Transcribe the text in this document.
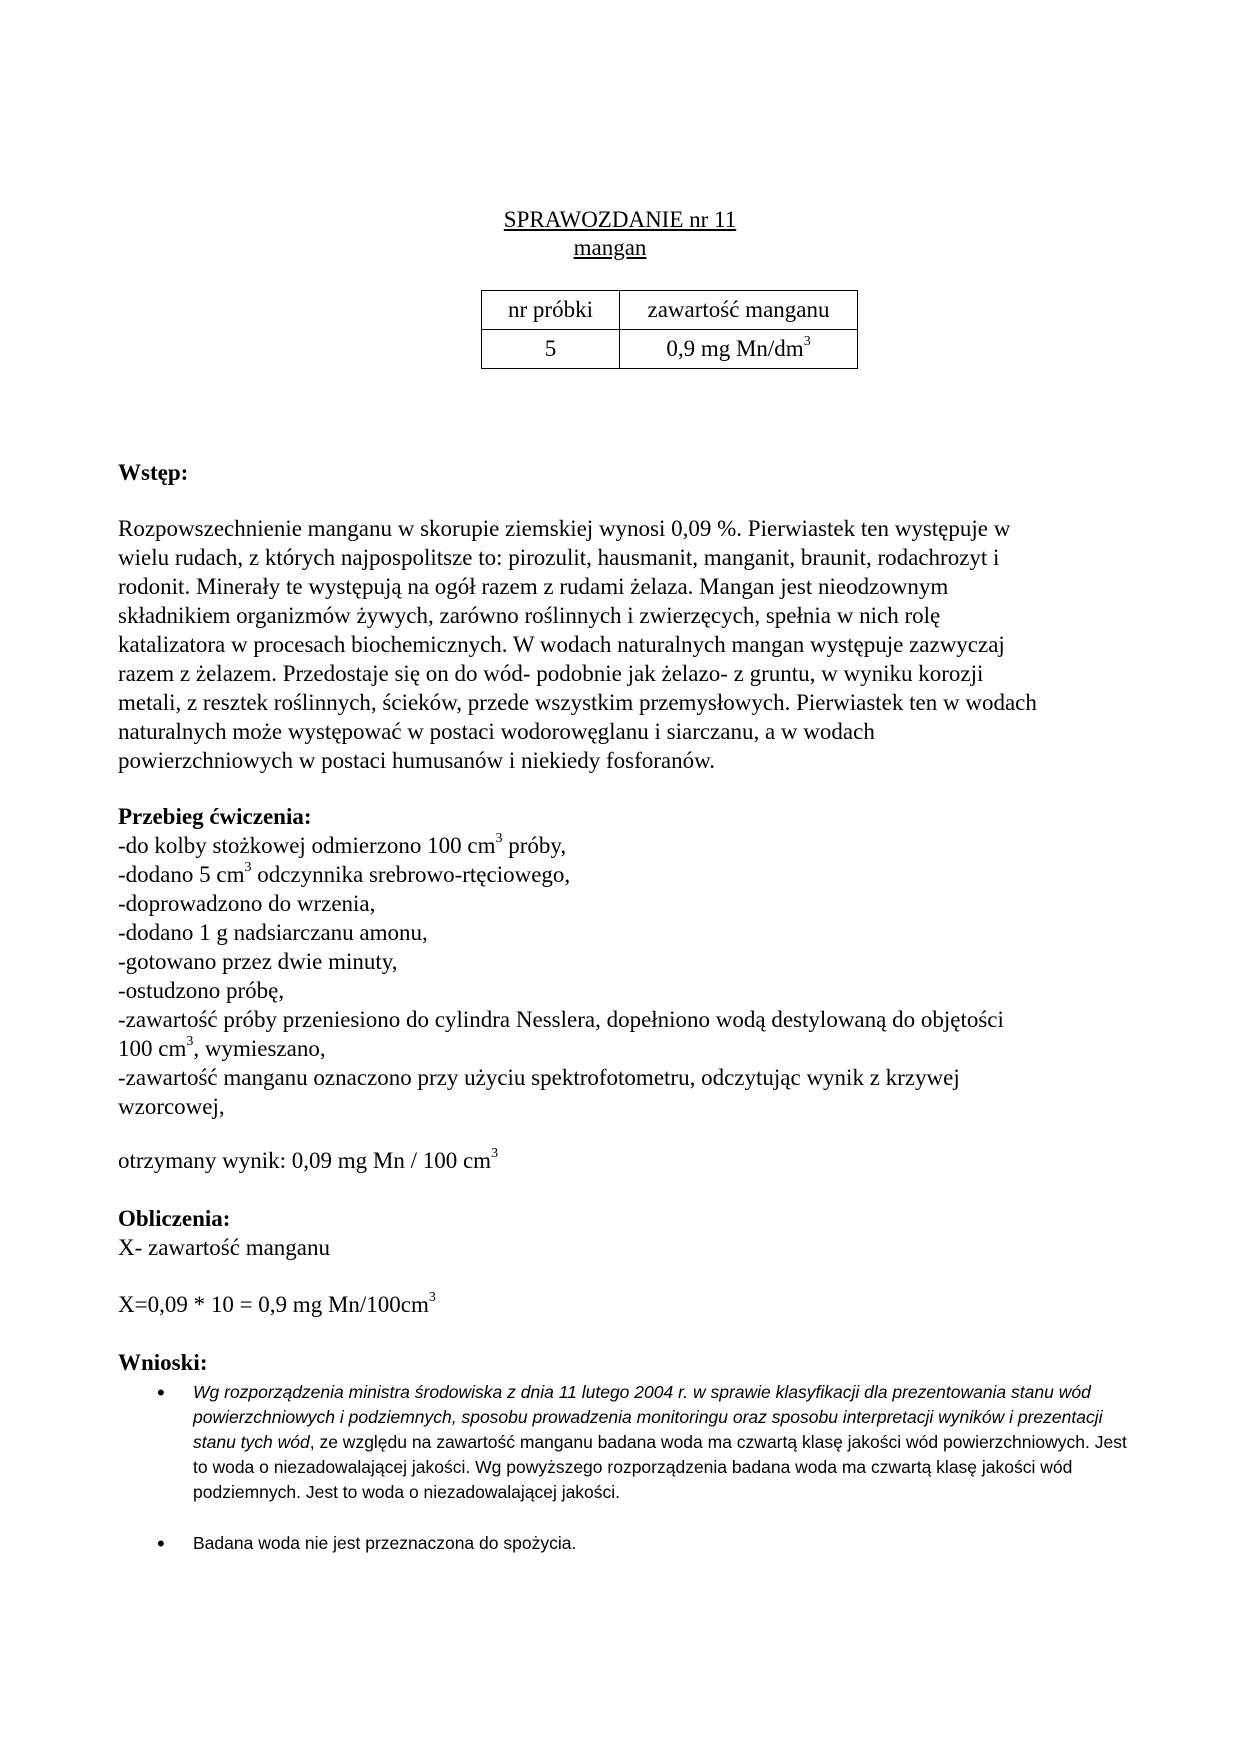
SPRAWOZDANIE nr 11
mangan
nr próbki	zawartość manganu
5	0,9 mg $Mn/dm^3$
Wstęp:
Rozpowszechnienie manganu w skorupie ziemskiej wynosi 0,09 %. Pierwiastek ten występuje w
wielu rudach, z których najpospolitsze to: pirozulit, hausmanit, manganit, braunit, rodachrozyt i
rodonit. Minerały te występują na ogół razem z rudami żelaza. Mangan jest nieodzownym
składnikiem organizmów żywych, zarówno roślinnych i zwierzęcych, spełnia w nich rolę
katalizatora w procesach biochemicznych. W wodach naturalnych mangan występuje zazwyczaj
razem z żelazem. Przedostaje się on do wód- podobnie jak żelazo- z gruntu, w wyniku korozji
metali, z resztek roślinnych, ścieków, przede wszystkim przemysłowych. Pierwiastek ten w wodach
naturalnych może występować w postaci wodorowęglanu i siarczanu, a w wodach
powierzchniowych w postaci humusanów i niekiedy fosforanów.
Przebieg ćwiczenia:
-do kolby stożkowej odmierzono 100 $cm^3$ próby,
-dodano 5 $cm^3$ odczynnika srebrowo-rtęciowego,
-doprowadzono do wrzenia,
-dodano 1 g nadsiarczanu amonu,
-gotowano przez dwie minuty,
-ostudzono próbę,
-zawartość próby przeniesiono do cylindra Nesslera, dopełniono wodą destylowaną do objętości
100 $cm^3$, wymieszano,
-zawartość manganu oznaczono przy użyciu spektrofotometru, odczytując wynik z krzywej
wzorcowej,
otrzymany wynik: 0,09 mg Mn / 100 $cm^3$
Obliczenia:
X- zawartość manganu
X=0,09 * 10 = 0,9 mg $Mn/100cm^3$
Wnioski:
• Wg rozporządzenia ministra środowiska z dnia 11 lutego 2004 r. w sprawie klasyfikacji dla prezentowania stanu wód powierzchniowych i podziemnych, sposobu prowadzenia monitoringu oraz sposobu interpretacji wyników i prezentacji stanu tych wód, ze względu na zawartość manganu badana woda ma czwartą klasę jakości wód powierzchniowych. Jest to woda o niezadowalającej jakości. Wg powyższego rozporządzenia badana woda ma czwartą klasę jakości wód podziemnych. Jest to woda o niezadowalającej jakości.
• Badana woda nie jest przeznaczona do spożycia.
